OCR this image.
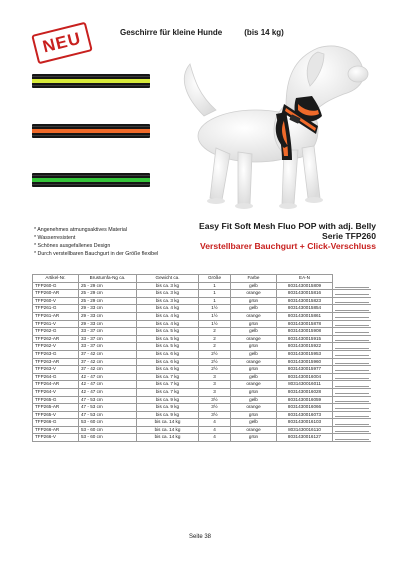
NEU	Geschirre für kleine Hunde	(bis 14 kg)
* Angenehmes atmungsaktives Material
* Wasserresistent
* Schönes ausgefallenes Design
* Durch verstellbaren Bauchgurt in der Größe flexibel
Easy Fit Soft Mesh Fluo POP with adj. Belly
Serie TFP260
Verstellbarer Bauchgurt + Click-Verschluss
Artikel-Nr.	Brustumfa-Ng ca.	Gewicht ca.	Größe	Farbe	EA-N	
TFP260-G	25 - 29 cm	bis ca. 3 kg	1	gelb	8031430015809	

TFP260-AR	25 - 29 cm	bis ca. 3 kg	1	orange	8031430015816	

TFP260-V	25 - 29 cm	bis ca. 3 kg	1	grün	8031430015823	

TFP261-G	29 - 33 cm	bis ca. 4 kg	1½	gelb	8031430015854	

TFP261-AR	29 - 33 cm	bis ca. 4 kg	1½	orange	8031430015861	

TFP261-V	29 - 33 cm	bis ca. 4 kg	1½	grün	8031430015878	

TFP262-G	33 - 37 cm	bis ca. 5 kg	2	gelb	8031430015908	

TFP262-AR	33 - 37 cm	bis ca. 5 kg	2	orange	8031430015915	

TFP262-V	33 - 37 cm	bis ca. 5 kg	2	grün	8031430015922	

TFP263-G	37 - 42 cm	bis ca. 6 kg	2½	gelb	8031430015953	

TFP263-AR	37 - 42 cm	bis ca. 6 kg	2½	orange	8031430015960	

TFP263-V	37 - 42 cm	bis ca. 6 kg	2½	grün	8031430015977	

TFP264-G	42 - 47 cm	bis ca. 7 kg	3	gelb	8031430016004	

TFP264-AR	42 - 47 cm	bis ca. 7 kg	3	orange	8031430016011	

TFP264-V	42 - 47 cm	bis ca. 7 kg	3	grün	8031430016028	

TFP265-G	47 - 53 cm	bis ca. 9 kg	3½	gelb	8031430016059	

TFP265-AR	47 - 53 cm	bis ca. 9 kg	3½	orange	8031430016066	

TFP265-V	47 - 53 cm	bis ca. 9 kg	3½	grün	8031430016073	

TFP266-G	53 - 60 cm	bis ca. 14 kg	4	gelb	8031430016103	

TFP266-AR	53 - 60 cm	bis ca. 14 kg	4	orange	8031430016110	

TFP266-V	53 - 60 cm	bis ca. 14 kg	4	grün	8031430016127	
Seite 38
